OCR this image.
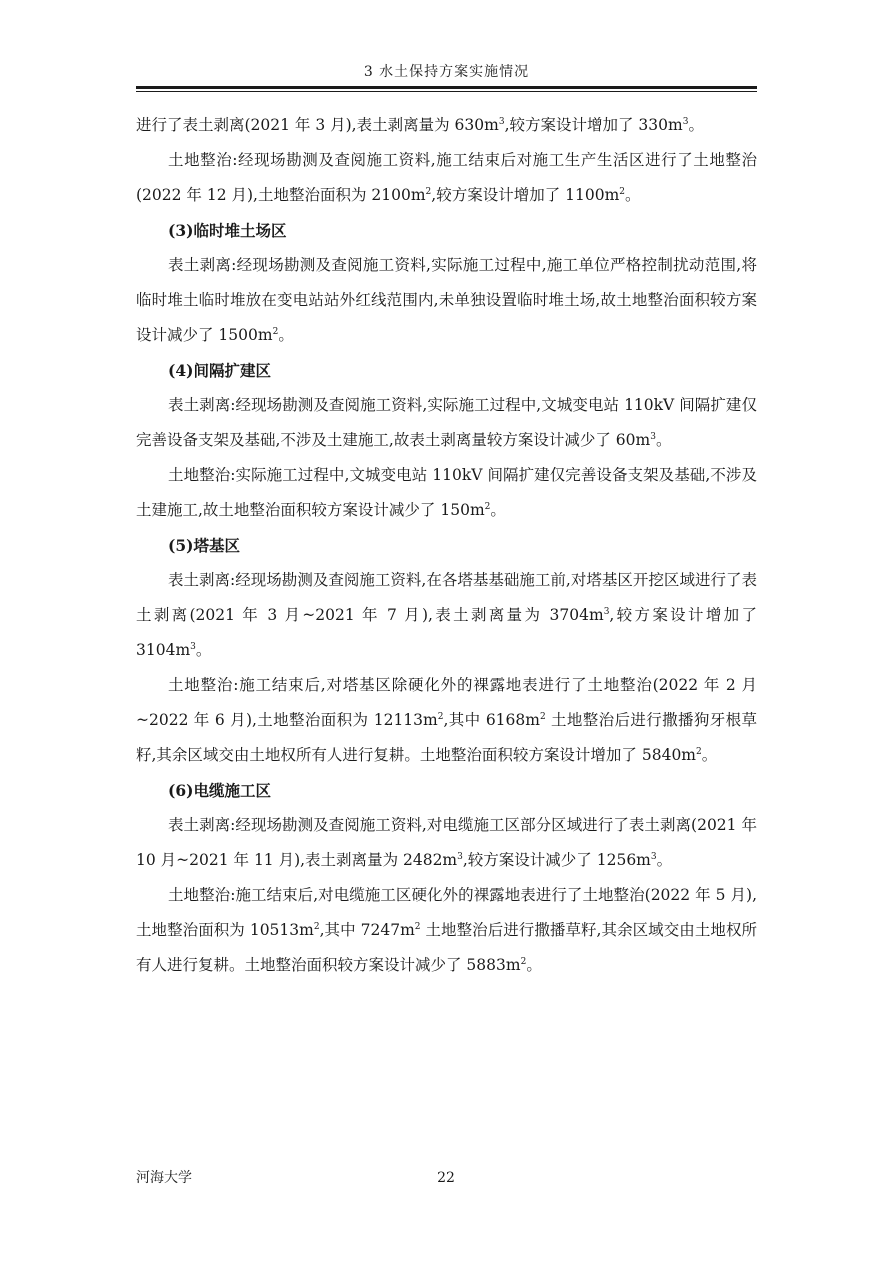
3 水土保持方案实施情况

进行了表土剥离(2021 年 3 月),表土剥离量为 $630m^3$,较方案设计增加了 $330m^3$。

土地整治:经现场勘测及查阅施工资料,施工结束后对施工生产生活区进行了土地整治(2022 年 12 月),土地整治面积为 $2100m^2$,较方案设计增加了 $1100m^2$。

(3)临时堆土场区

表土剥离:经现场勘测及查阅施工资料,实际施工过程中,施工单位严格控制扰动范围,将临时堆土临时堆放在变电站站外红线范围内,未单独设置临时堆土场,故土地整治面积较方案设计减少了 $1500m^2$。

(4)间隔扩建区

表土剥离:经现场勘测及查阅施工资料,实际施工过程中,文城变电站 110kV 间隔扩建仅完善设备支架及基础,不涉及土建施工,故表土剥离量较方案设计减少了 $60m^3$。

土地整治:实际施工过程中,文城变电站 110kV 间隔扩建仅完善设备支架及基础,不涉及土建施工,故土地整治面积较方案设计减少了 $150m^2$。

(5)塔基区

表土剥离:经现场勘测及查阅施工资料,在各塔基基础施工前,对塔基区开挖区域进行了表土剥离(2021 年 3 月~2021 年 7 月),表土剥离量为 $3704m^3$,较方案设计增加了 $3104m^3$。

土地整治:施工结束后,对塔基区除硬化外的裸露地表进行了土地整治(2022 年 2 月~2022 年 6 月),土地整治面积为 $12113m^2$,其中 $6168m^2$ 土地整治后进行撒播狗牙根草籽,其余区域交由土地权所有人进行复耕。土地整治面积较方案设计增加了 $5840m^2$。

(6)电缆施工区

表土剥离:经现场勘测及查阅施工资料,对电缆施工区部分区域进行了表土剥离(2021 年 10 月~2021 年 11 月),表土剥离量为 $2482m^3$,较方案设计减少了 $1256m^3$。

土地整治:施工结束后,对电缆施工区硬化外的裸露地表进行了土地整治(2022 年 5 月),土地整治面积为 $10513m^2$,其中 $7247m^2$ 土地整治后进行撒播草籽,其余区域交由土地权所有人进行复耕。土地整治面积较方案设计减少了 $5883m^2$。

河海大学	22
